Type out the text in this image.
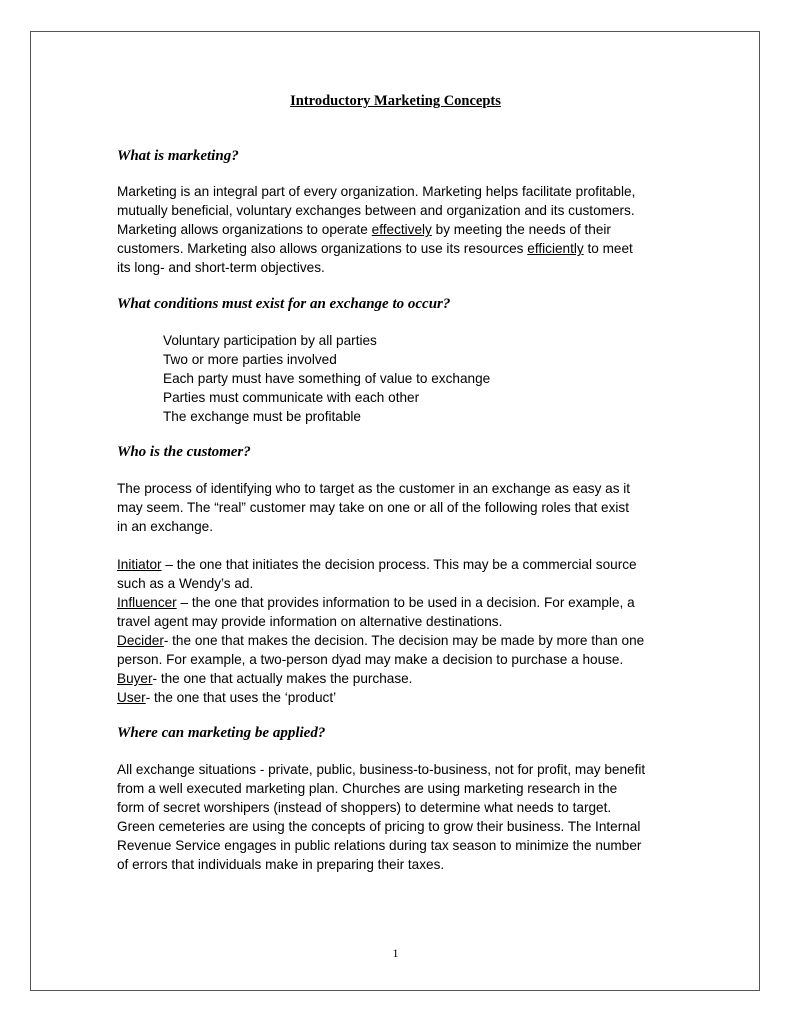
Introductory Marketing Concepts
What is marketing?

Marketing is an integral part of every organization. Marketing helps facilitate profitable,

mutually beneficial, voluntary exchanges between and organization and its customers.

Marketing allows organizations to operate effectively by meeting the needs of their

customers. Marketing also allows organizations to use its resources efficiently to meet

its long- and short-term objectives.

What conditions must exist for an exchange to occur?
Voluntary participation by all parties
Two or more parties involved
Each party must have something of value to exchange
Parties must communicate with each other
The exchange must be profitable
Who is the customer?

The process of identifying who to target as the customer in an exchange as easy as it

may seem. The “real” customer may take on one or all of the following roles that exist

in an exchange.

Initiator – the one that initiates the decision process. This may be a commercial source

such as a Wendy’s ad.

Influencer – the one that provides information to be used in a decision. For example, a

travel agent may provide information on alternative destinations.

Decider- the one that makes the decision. The decision may be made by more than one

person. For example, a two-person dyad may make a decision to purchase a house.

Buyer- the one that actually makes the purchase.

User- the one that uses the ‘product’

Where can marketing be applied?

All exchange situations - private, public, business-to-business, not for profit, may benefit

from a well executed marketing plan. Churches are using marketing research in the

form of secret worshipers (instead of shoppers) to determine what needs to target.

Green cemeteries are using the concepts of pricing to grow their business. The Internal

Revenue Service engages in public relations during tax season to minimize the number

of errors that individuals make in preparing their taxes.

1
